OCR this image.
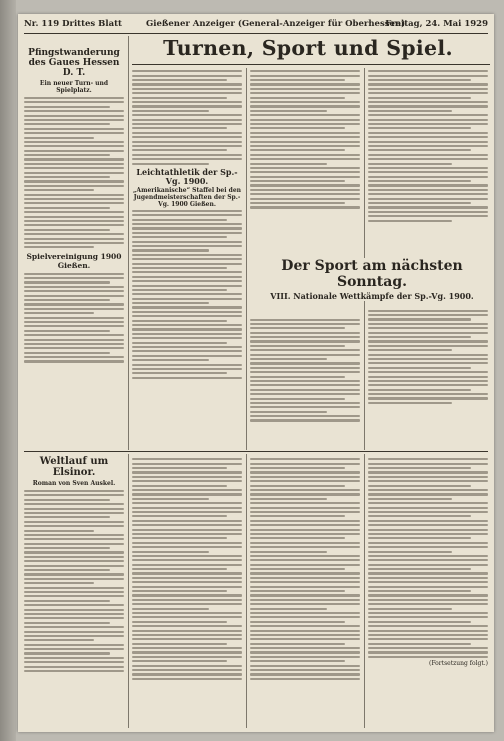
Nr. 119 Drittes Blatt	Gießener Anzeiger (General-Anzeiger für Oberhessen)
Freitag, 24. Mai 1929
Pfingstwanderung des Gaues Hessen D. T.
Ein neuer Turn- und Spielplatz.
Spielvereinigung 1900 Gießen.
Turnen, Sport und Spiel.
Leichtathletik der Sp.-Vg. 1900.
„Amerikanische“ Staffel bei den Jugendmeisterschaften der Sp.-Vg. 1900 Gießen.
Der Sport am nächsten Sonntag.
VIII. Nationale Wettkämpfe der Sp.-Vg. 1900.
Weltlauf um Elsinor.
Roman von Sven Auskel.
(Fortsetzung folgt.)
